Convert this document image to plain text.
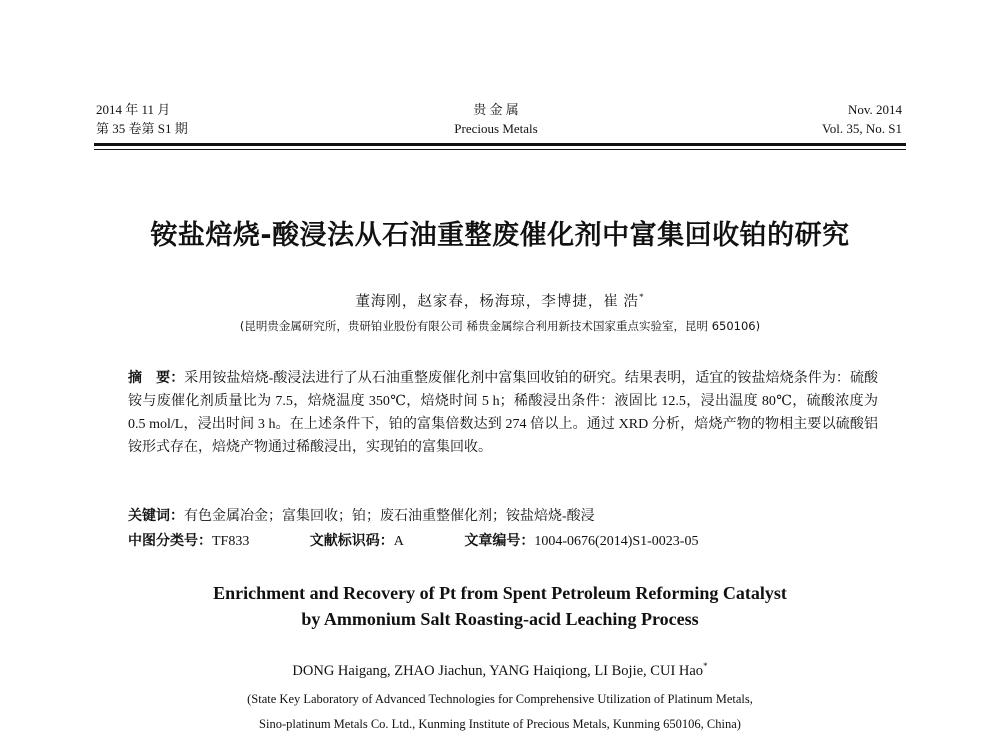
2014 年 11 月
第 35 卷第 S1 期
贵 金 属
Precious Metals
Nov. 2014
Vol. 35, No. S1
铵盐焙烧-酸浸法从石油重整废催化剂中富集回收铂的研究
董海刚，赵家春，杨海琼，李博捷，崔 浩*
(昆明贵金属研究所，贵研铂业股份有限公司 稀贵金属综合利用新技术国家重点实验室，昆明 650106)
摘　要：采用铵盐焙烧-酸浸法进行了从石油重整废催化剂中富集回收铂的研究。结果表明，适宜的铵盐焙烧条件为：硫酸铵与废催化剂质量比为 7.5，焙烧温度 350℃，焙烧时间 5 h；稀酸浸出条件：液固比 12.5，浸出温度 80℃，硫酸浓度为 0.5 mol/L，浸出时间 3 h。在上述条件下，铂的富集倍数达到 274 倍以上。通过 XRD 分析，焙烧产物的物相主要以硫酸铝铵形式存在，焙烧产物通过稀酸浸出，实现铂的富集回收。
关键词：有色金属冶金；富集回收；铂；废石油重整催化剂；铵盐焙烧-酸浸
中图分类号：TF833	文献标识码：A	文章编号：1004-0676(2014)S1-0023-05
Enrichment and Recovery of Pt from Spent Petroleum Reforming Catalyst
by Ammonium Salt Roasting-acid Leaching Process
DONG Haigang, ZHAO Jiachun, YANG Haiqiong, LI Bojie, CUI Hao*
(State Key Laboratory of Advanced Technologies for Comprehensive Utilization of Platinum Metals,
Sino-platinum Metals Co. Ltd., Kunming Institute of Precious Metals, Kunming 650106, China)
